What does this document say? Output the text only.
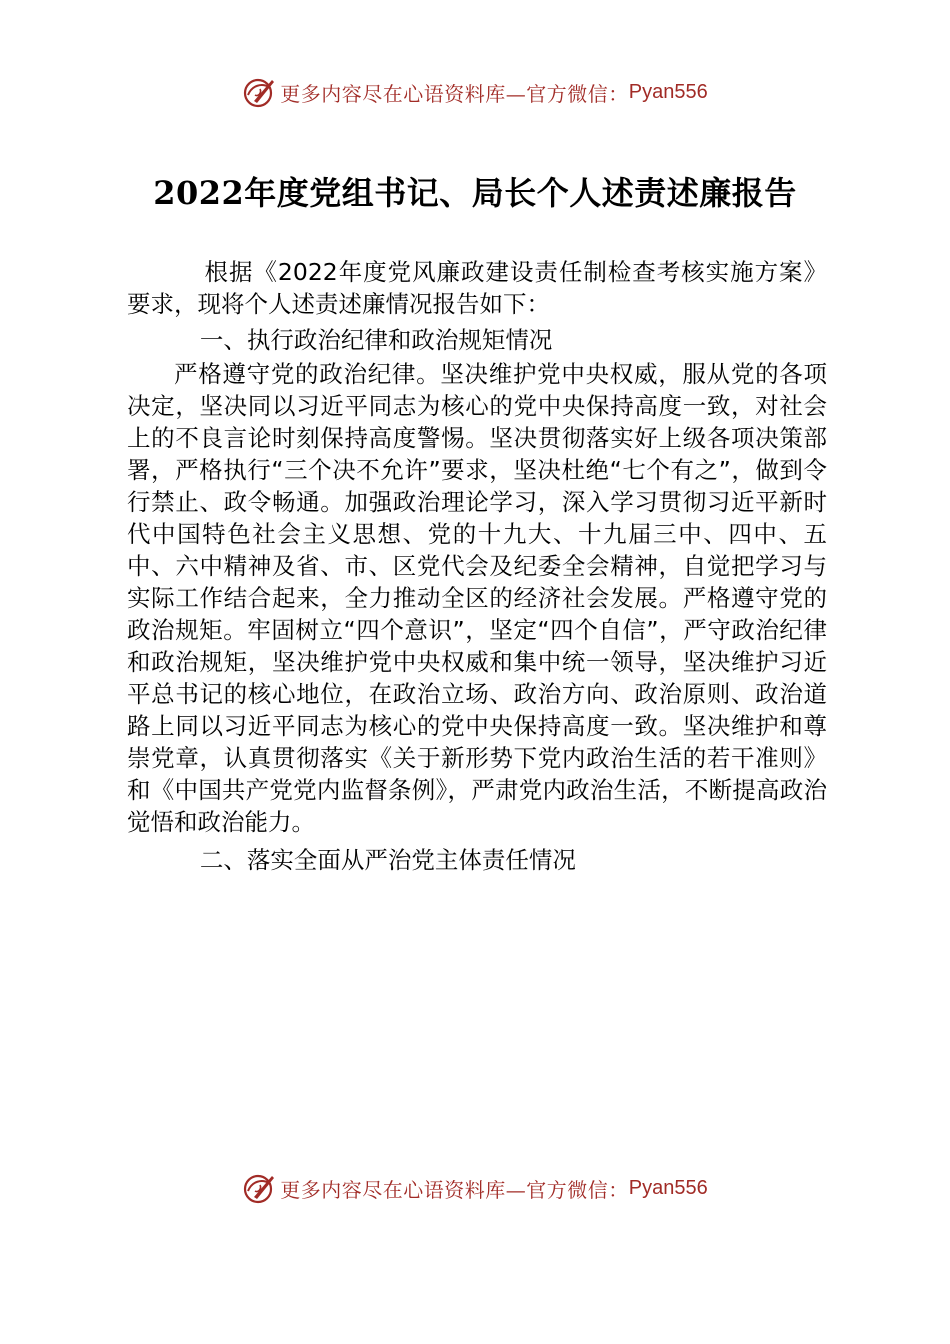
更多内容尽在心语资料库—官方微信： Pyan556
2022年度党组书记、局长个人述责述廉报告

根据《2022年度党风廉政建设责任制检查考核实施方案》要求，现将个人述责述廉情况报告如下：

一、执行政治纪律和政治规矩情况

严格遵守党的政治纪律。坚决维护党中央权威，服从党的各项决定，坚决同以习近平同志为核心的党中央保持高度一致，对社会上的不良言论时刻保持高度警惕。坚决贯彻落实好上级各项决策部署，严格执行“三个决不允许”要求，坚决杜绝“七个有之”，做到令行禁止、政令畅通。加强政治理论学习，深入学习贯彻习近平新时代中国特色社会主义思想、党的十九大、十九届三中、四中、五中、六中精神及省、市、区党代会及纪委全会精神，自觉把学习与实际工作结合起来，全力推动全区的经济社会发展。严格遵守党的政治规矩。牢固树立“四个意识”，坚定“四个自信”，严守政治纪律和政治规矩，坚决维护党中央权威和集中统一领导，坚决维护习近平总书记的核心地位，在政治立场、政治方向、政治原则、政治道路上同以习近平同志为核心的党中央保持高度一致。坚决维护和尊崇党章，认真贯彻落实《关于新形势下党内政治生活的若干准则》和《中国共产党党内监督条例》，严肃党内政治生活，不断提高政治觉悟和政治能力。

二、落实全面从严治党主体责任情况
更多内容尽在心语资料库—官方微信： Pyan556
